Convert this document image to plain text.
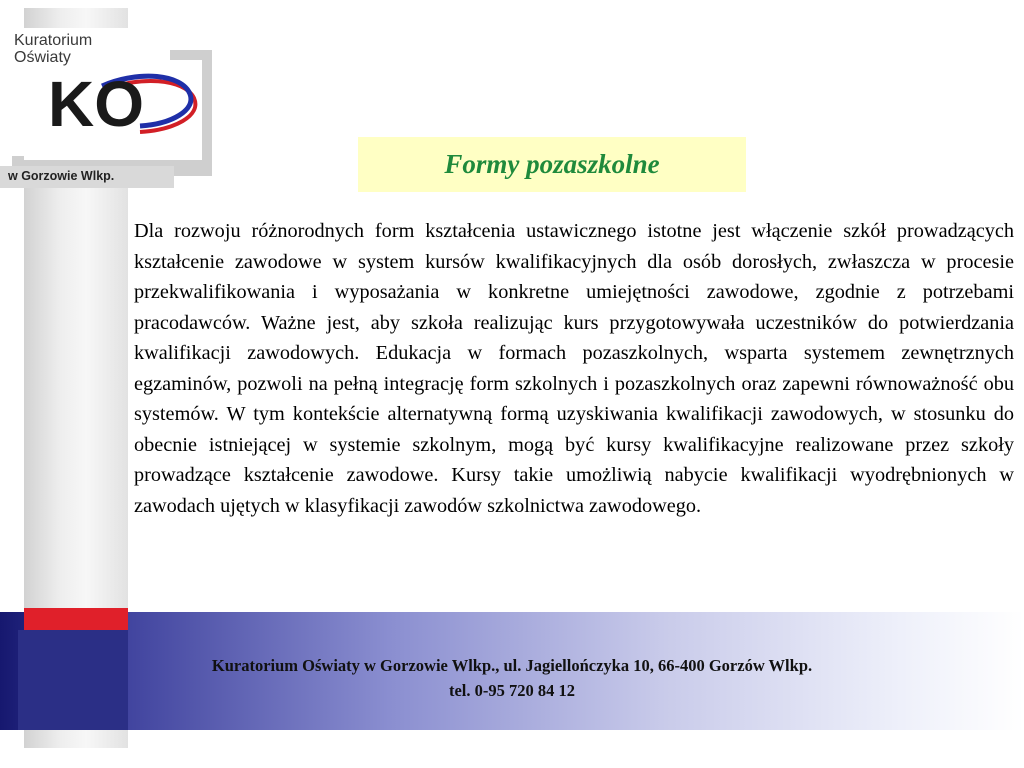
Kuratorium
Oświaty
KO
w Gorzowie Wlkp.	Formy pozaszkolne

Dla rozwoju różnorodnych form kształcenia ustawicznego istotne jest włączenie szkół prowadzących kształcenie zawodowe w system kursów kwalifikacyjnych dla osób dorosłych, zwłaszcza w procesie przekwalifikowania i wyposażania w konkretne umiejętności zawodowe, zgodnie z potrzebami pracodawców. Ważne jest, aby szkoła realizując kurs przygotowywała uczestników do potwierdzania kwalifikacji zawodowych. Edukacja w formach pozaszkolnych, wsparta systemem zewnętrznych egzaminów, pozwoli na pełną integrację form szkolnych i pozaszkolnych oraz zapewni równoważność obu systemów. W tym kontekście alternatywną formą uzyskiwania kwalifikacji zawodowych, w stosunku do obecnie istniejącej w systemie szkolnym, mogą być kursy kwalifikacyjne realizowane przez szkoły prowadzące kształcenie zawodowe. Kursy takie umożliwią nabycie kwalifikacji wyodrębnionych w zawodach ujętych w klasyfikacji zawodów szkolnictwa zawodowego.

Kuratorium Oświaty w Gorzowie Wlkp., ul. Jagiellończyka 10, 66-400 Gorzów Wlkp.
tel. 0-95 720 84 12
